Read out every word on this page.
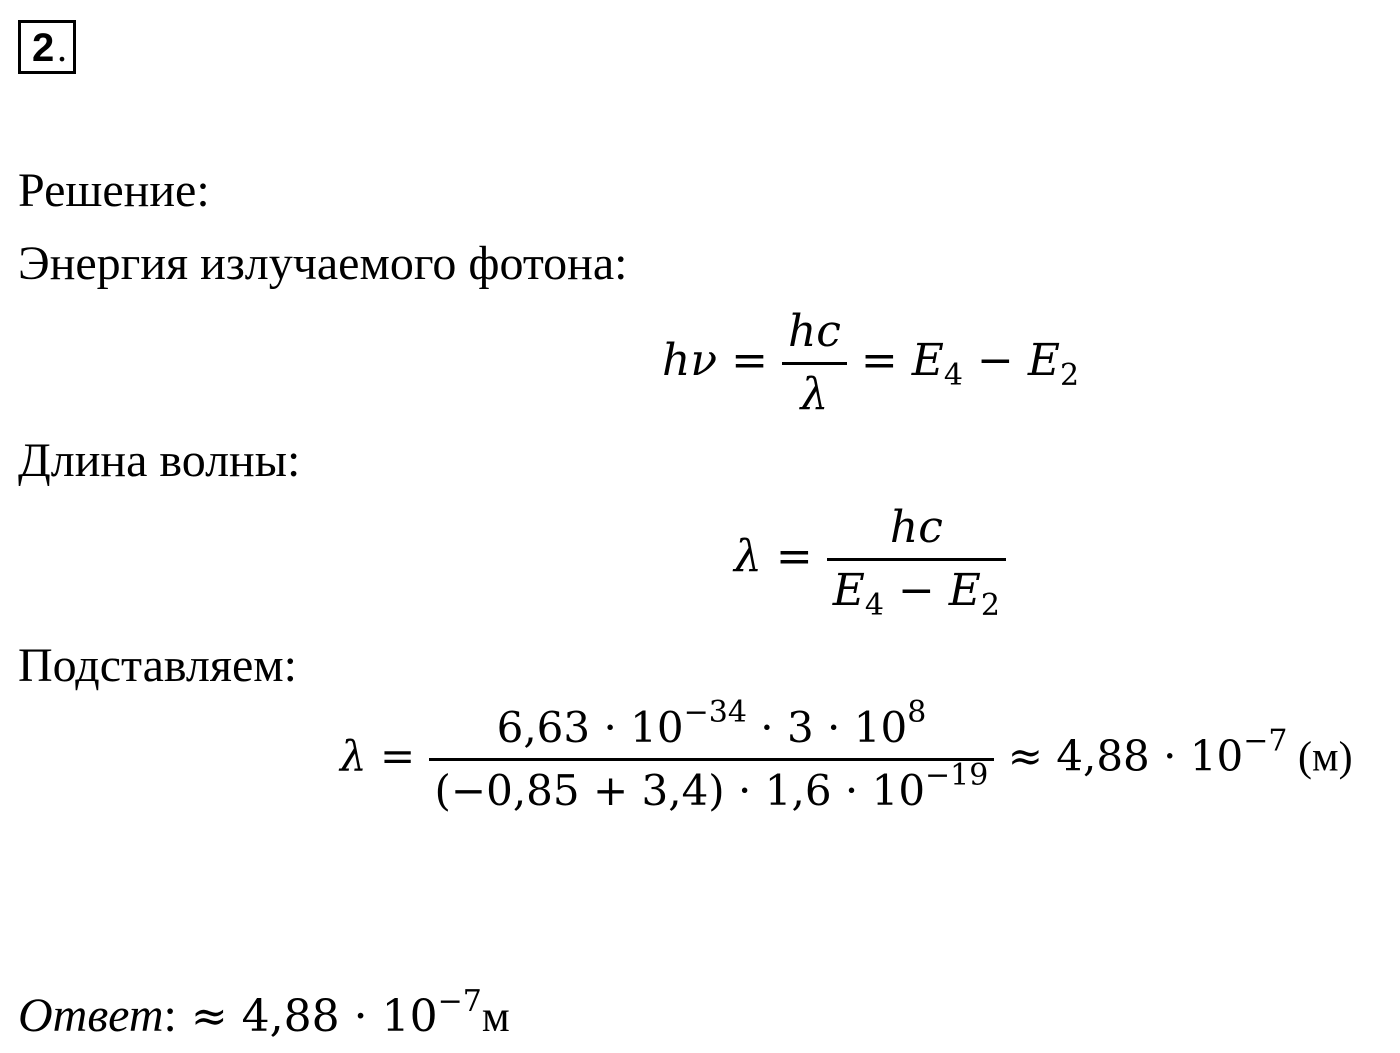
2 .
Решение:
Энергия излучаемого фотона:
Длина волны:
Подставляем:
$h\nu = \frac{hc}{\lambda} = E_4 - E_2$
$\lambda = \frac{hc}{E_4 - E_2}$
$\lambda = \frac{6,63 \cdot 10^{-34} \cdot 3 \cdot 10^8}{(-0,85 + 3,4) \cdot 1,6 \cdot 10^{-19}} \approx 4,88 \cdot 10^{-7}$ (м)
Ответ: ≈ $4,88 \cdot 10^{-7}м$
